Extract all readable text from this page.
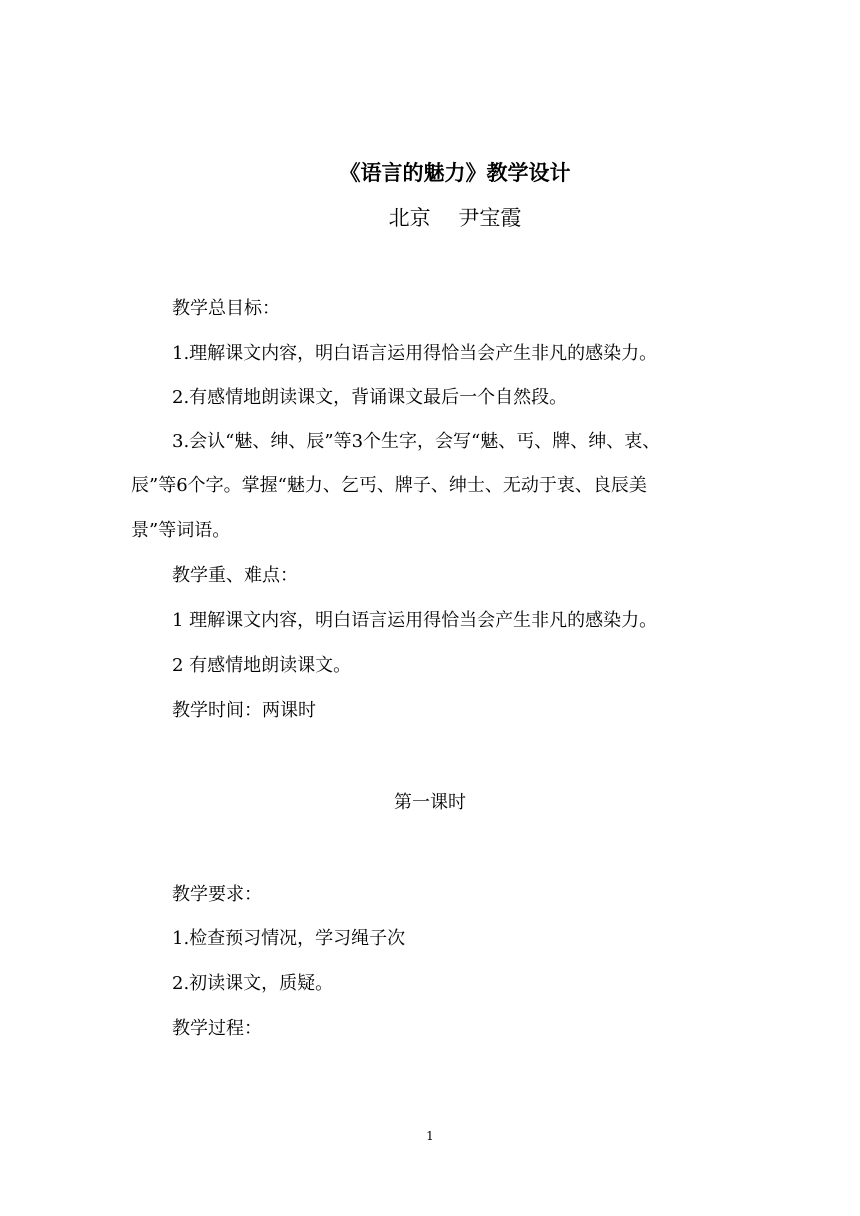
《语言的魅力》教学设计
北京　 尹宝霞
教学总目标：
1.理解课文内容，明白语言运用得恰当会产生非凡的感染力。
2.有感情地朗读课文，背诵课文最后一个自然段。
3.会认“魅、绅、辰”等3个生字，会写“魅、丐、牌、绅、衷、
辰”等6个字。掌握“魅力、乞丐、牌子、绅士、无动于衷、良辰美
景”等词语。
教学重、难点：
1 理解课文内容，明白语言运用得恰当会产生非凡的感染力。
2 有感情地朗读课文。
教学时间：两课时
第一课时
教学要求：
1.检查预习情况，学习绳子次
2.初读课文，质疑。
教学过程：
1
